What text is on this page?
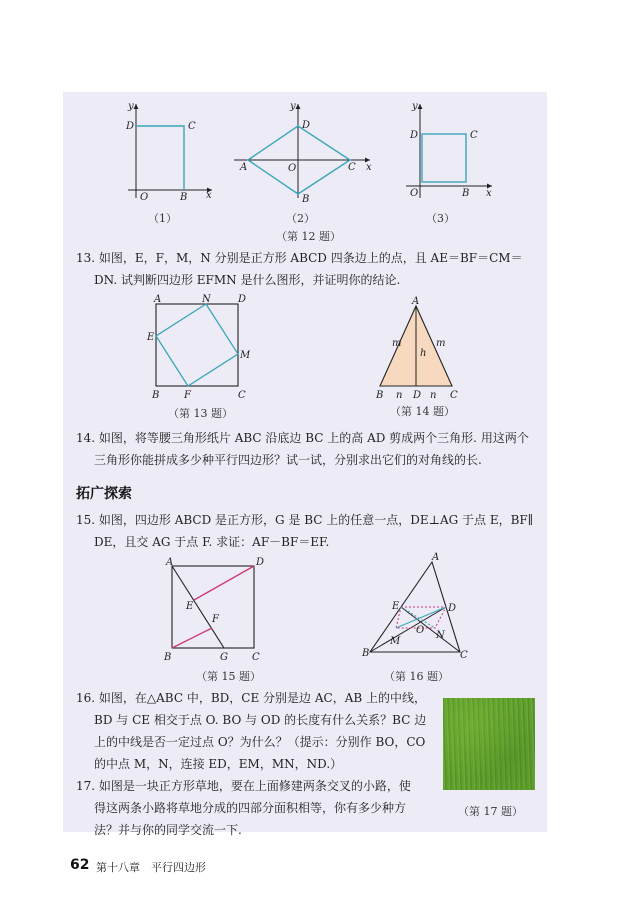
y
x
O
D	C
B
（1）
y
x
O
A
B
C
D
（2）
y
x
O
D	C
B
（3）
（第 12 题）
13. 如图，E，F，M，N 分别是正方形 ABCD 四条边上的点，且 AE＝BF＝CM＝
DN. 试判断四边形 EFMN 是什么图形，并证明你的结论.
A	N	D
E
M
B F	C
（第 13 题）
A
m	m
h
B n D n C
（第 14 题）
14. 如图，将等腰三角形纸片 ABC 沿底边 BC 上的高 AD 剪成两个三角形. 用这两个
三角形你能拼成多少种平行四边形？试一试，分别求出它们的对角线的长.
拓广探索
15. 如图，四边形 ABCD 是正方形，G 是 BC 上的任意一点，DE⊥AG 于点 E，BF∥
DE，且交 AG 于点 F. 求证：AF－BF＝EF.
A	D
E
F
B	G C
（第 15 题）
A
E	D
O N
B
M
C
（第 16 题）
16. 如图，在△ABC 中，BD，CE 分别是边 AC，AB 上的中线，
BD 与 CE 相交于点 O. BO 与 OD 的长度有什么关系？BC 边
上的中线是否一定过点 O？为什么？（提示：分别作 BO，CO
的中点 M，N，连接 ED，EM，MN，ND.）
17. 如图是一块正方形草地，要在上面修建两条交叉的小路，使
得这两条小路将草地分成的四部分面积相等，你有多少种方
法？并与你的同学交流一下.
（第 17 题）
62 第十八章　平行四边形
